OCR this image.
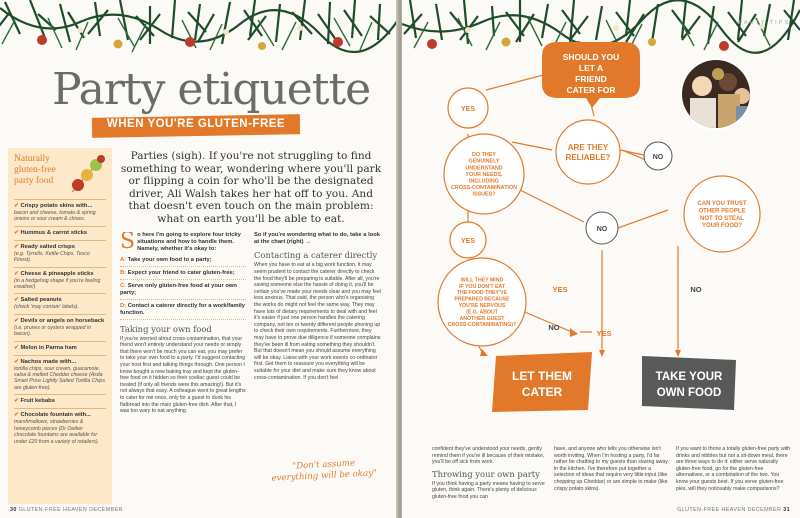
Party etiquette
WHEN YOU'RE GLUTEN-FREE
Naturally gluten-free party food
✔ Crispy potato skins with...
bacon and cheese, tomato & spring onions or sour cream & chives.
✔ Hummus & carrot sticks
✔ Ready salted crisps
(e.g. Tyrrells, Kettle Chips, Tesco Finest).
✔ Cheese & pineapple sticks
(in a hedgehog shape if you're feeling creative!)
✔ Salted peanuts
(check 'may contain' labels).
✔ Devils or angels on horseback
(i.e. prunes or oysters wrapped in bacon).
✔ Melon in Parma ham
✔ Nachos made with...
tortilla chips, sour cream, guacamole, salsa & melted Cheddar cheese (Asda Smart Price Lightly Salted Tortilla Chips are gluten-free).
✔ Fruit kebabs
✔ Chocolate fountain with...
marshmallows, strawberries & honeycomb pieces (Dr Oetker chocolate fountains are available for under £20 from a variety of retailers).
Parties (sigh). If you're not struggling to find something to wear, wondering where you'll park or flipping a coin for who'll be the designated driver, Ali Walsh takes her hat off to you. And that doesn't even touch on the main problem: what on earth you'll be able to eat.
S o here I'm going to explore four tricky situations and how to handle them. Namely, whether it's okay to:
A: Take your own food to a party;
B: Expect your friend to cater gluten-free;
C: Serve only gluten-free food at your own party;
D: Contact a caterer directly for a work/family function.
Taking your own food

If you're worried about cross-contamination, that your friend won't entirely understand your needs or simply that there won't be much you can eat, you may prefer to take your own food to a party. I'd suggest contacting your host first and talking things through. One person I know bought a new baking tray and kept the gluten-free food on it hidden so their coeliac guest could be treated (if only all friends were this amazing!). But it's not always that easy. A colleague went to great lengths to cater for me once, only for a guest to dunk his flatbread into the main gluten-free dish. After that, I was too wary to eat anything.

So if you're wondering what to do, take a look at the chart (right) →
Contacting a caterer directly

When you have to eat at a big work function, it may seem prudent to contact the caterer directly to check the food they'll be preparing is suitable. After all, you're saving someone else the hassle of doing it, you'll be certain you've made your needs clear and you may feel less anxious. That said, the person who's organising the works do might not feel the same way. They may have lots of dietary requirements to deal with and feel it's easier if just one person handles the catering company, not ten or twenty different people phoning up to check their own requirements. Furthermore, they may have to prove due diligence if someone complains they've been ill from eating something they shouldn't. But that doesn't mean you should assume everything will be okay. Liaise with your work events co-ordinator first. Get them to reassure you everything will be suitable for your diet and make sure they know about cross-contamination. If you don't feel

"Don't assume everything will be okay"
30 GLUTEN-FREE HEAVEN DECEMBER
PARTY TIPS
SHOULD YOU
LET A
FRIEND
CATER FOR
YES
ARE THEY
RELIABLE?	NO
DO THEY
GENUINELY
UNDERSTAND
YOUR NEEDS,
INCLUDING
CROSS-CONTAMINATION
ISSUES?
NO
CAN YOU TRUST
OTHER PEOPLE
NOT TO STEAL
YOUR FOOD?
YES
WILL THEY MIND
IF YOU DON'T EAT
THE FOOD THEY'VE
PREPARED BECAUSE
YOU'RE NERVOUS
(E.G. ABOUT
ANOTHER GUEST
CROSS-CONTAMINATING)?
YES
YES
NO
NO
LET THEM
CATER
TAKE YOUR
OWN FOOD

confident they've understood your needs, gently remind them if you're ill because of their mistake, you'll be off sick from work.

Throwing your own party

If you think having a party means having to serve gluten, think again. There's plenty of delicious gluten-free food you can

have, and anyone who tells you otherwise isn't worth inviting. When I'm hosting a party, I'd far rather be chatting to my guests than slaving away in the kitchen. I've therefore put together a selection of ideas that require very little input (like chopping up Cheddar) or are simple to make (like crispy potato skins).

If you want to throw a totally gluten-free party with drinks and nibbles but not a sit-down meal, there are three ways to do it: either serve naturally gluten-free food, go for the gluten-free alternatives, or a combination of the two. You know your guests best. If you serve gluten-free pies, will they noticeably make comparisons?

GLUTEN-FREE HEAVEN DECEMBER 31
